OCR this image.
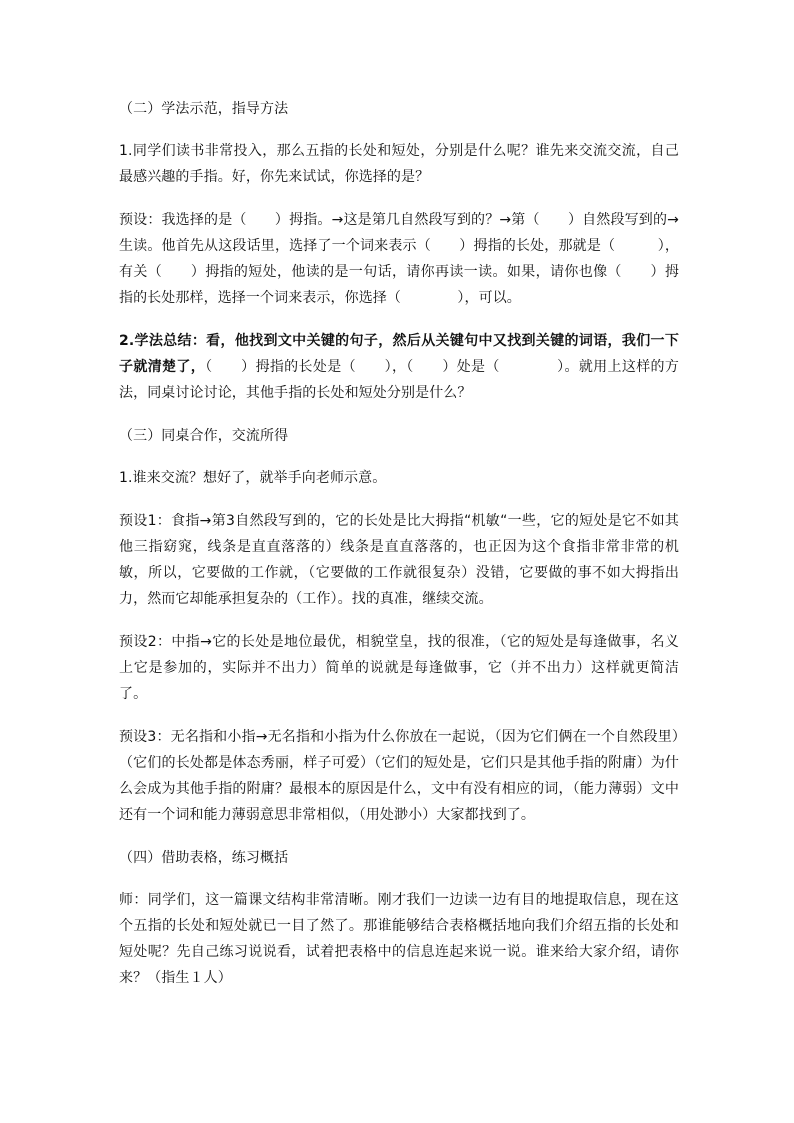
（二）学法示范，指导方法

1.同学们读书非常投入，那么五指的长处和短处，分别是什么呢？谁先来交流交流，自己最感兴趣的手指。好，你先来试试，你选择的是？

预设：我选择的是（　　）拇指。→这是第几自然段写到的？→第（　　）自然段写到的→生读。他首先从这段话里，选择了一个词来表示（　　）拇指的长处，那就是（　　　），有关（　　）拇指的短处，他读的是一句话，请你再读一读。如果，请你也像（　　）拇指的长处那样，选择一个词来表示，你选择（　　　　），可以。

2.学法总结：看，他找到文中关键的句子，然后从关键句中又找到关键的词语，我们一下子就清楚了，（　　）拇指的长处是（　　），（　　）处是（　　　　）。就用上这样的方法，同桌讨论讨论，其他手指的长处和短处分别是什么？

（三）同桌合作，交流所得

1.谁来交流？想好了，就举手向老师示意。

预设1：食指→第3自然段写到的，它的长处是比大拇指“机敏“一些，它的短处是它不如其他三指窈窕，线条是直直落落的）线条是直直落落的，也正因为这个食指非常非常的机敏，所以，它要做的工作就，（它要做的工作就很复杂）没错，它要做的事不如大拇指出力，然而它却能承担复杂的（工作）。找的真准，继续交流。

预设2：中指→它的长处是地位最优，相貌堂皇，找的很准，（它的短处是每逢做事，名义上它是参加的，实际并不出力）简单的说就是每逢做事，它（并不出力）这样就更简洁了。

预设3：无名指和小指→无名指和小指为什么你放在一起说，（因为它们俩在一个自然段里）（它们的长处都是体态秀丽，样子可爱）（它们的短处是，它们只是其他手指的附庸）为什么会成为其他手指的附庸？最根本的原因是什么，文中有没有相应的词，（能力薄弱）文中还有一个词和能力薄弱意思非常相似，（用处渺小）大家都找到了。

（四）借助表格，练习概括

师：同学们，这一篇课文结构非常清晰。刚才我们一边读一边有目的地提取信息，现在这个五指的长处和短处就已一目了然了。那谁能够结合表格概括地向我们介绍五指的长处和短处呢？先自己练习说说看，试着把表格中的信息连起来说一说。谁来给大家介绍，请你来？（指生１人）
